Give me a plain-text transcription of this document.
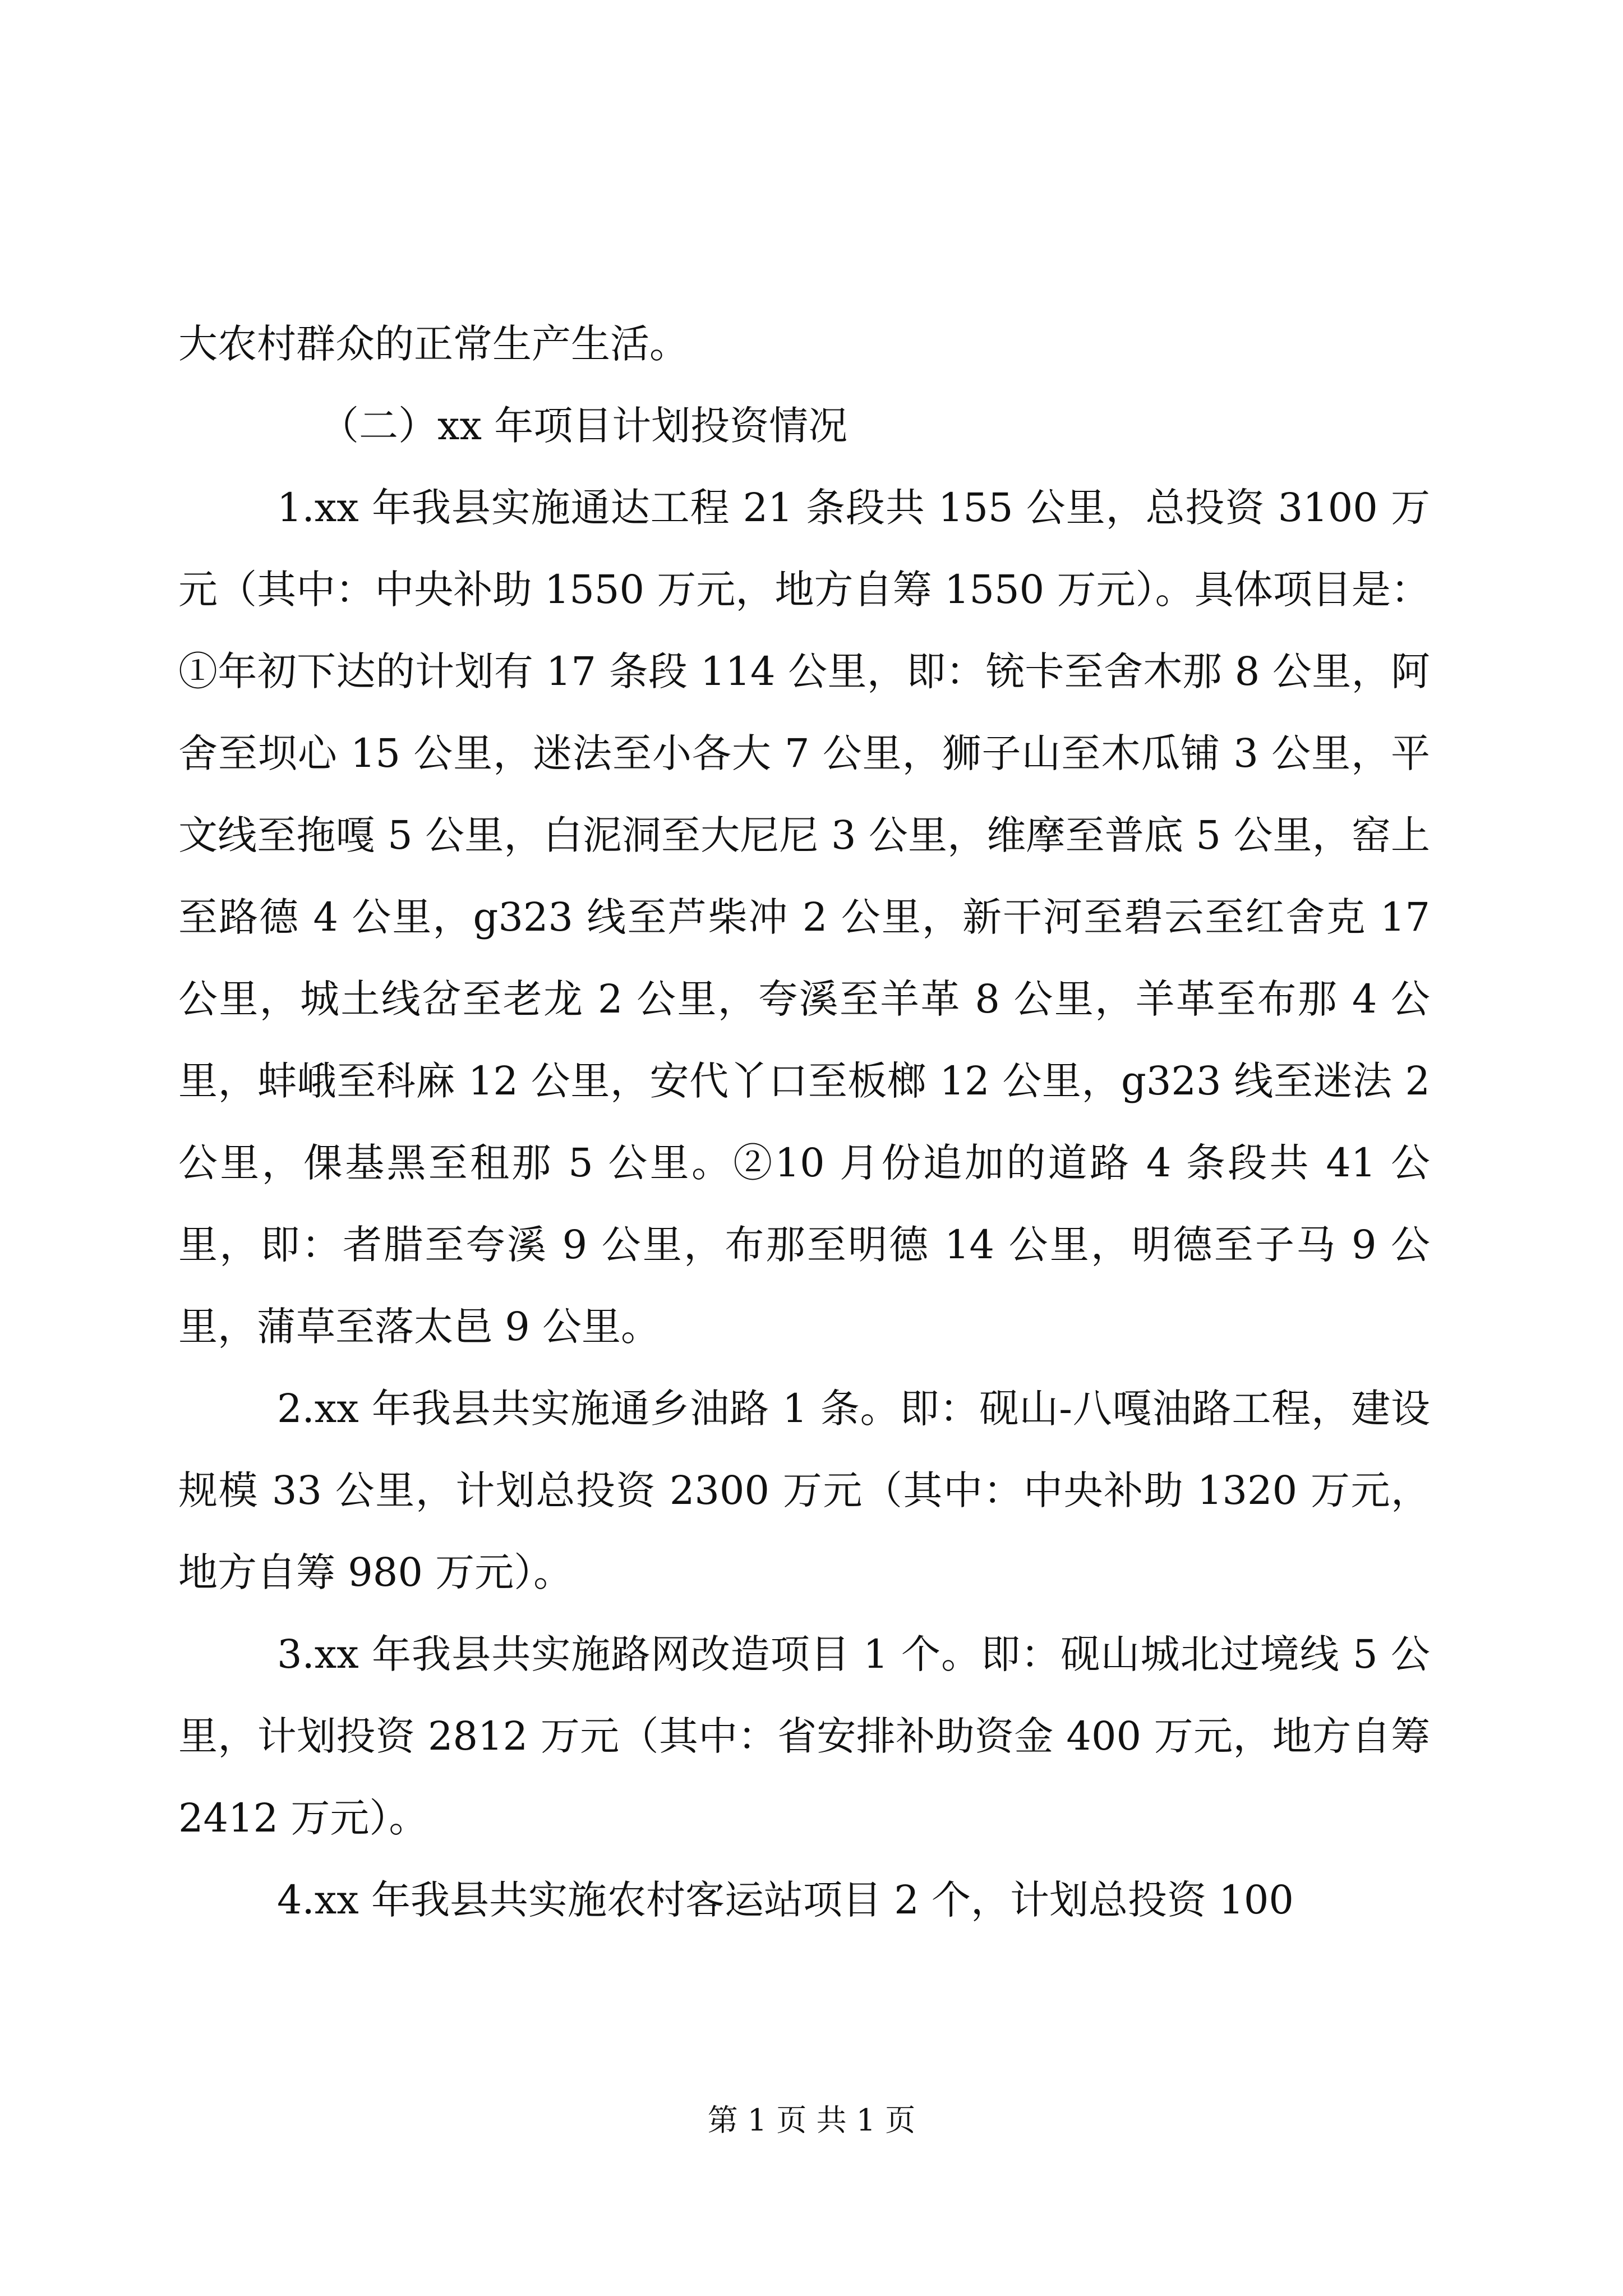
大农村群众的正常生产生活。

（二）xx 年项目计划投资情况

1.xx 年我县实施通达工程 21 条段共 155 公里，总投资 3100 万元（其中：中央补助 1550 万元，地方自筹 1550 万元）。具体项目是：①年初下达的计划有 17 条段 114 公里，即：铳卡至舍木那 8 公里，阿舍至坝心 15 公里，迷法至小各大 7 公里，狮子山至木瓜铺 3 公里，平文线至拖嘎 5 公里，白泥洞至大尼尼 3 公里，维摩至普底 5 公里，窑上至路德 4 公里，g323 线至芦柴冲 2 公里，新干河至碧云至红舍克 17 公里，城土线岔至老龙 2 公里，夸溪至羊革 8 公里，羊革至布那 4 公里，蚌峨至科麻 12 公里，安代丫口至板榔 12 公里，g323 线至迷法 2 公里，倮基黑至租那 5 公里。②10 月份追加的道路 4 条段共 41 公里，即：者腊至夸溪 9 公里，布那至明德 14 公里，明德至子马 9 公里，蒲草至落太邑 9 公里。

2.xx 年我县共实施通乡油路 1 条。即：砚山-八嘎油路工程，建设规模 33 公里，计划总投资 2300 万元（其中：中央补助 1320 万元，地方自筹 980 万元）。

3.xx 年我县共实施路网改造项目 1 个。即：砚山城北过境线 5 公里，计划投资 2812 万元（其中：省安排补助资金 400 万元，地方自筹 2412 万元）。

4.xx 年我县共实施农村客运站项目 2 个，计划总投资 100

第 1 页 共 1 页
